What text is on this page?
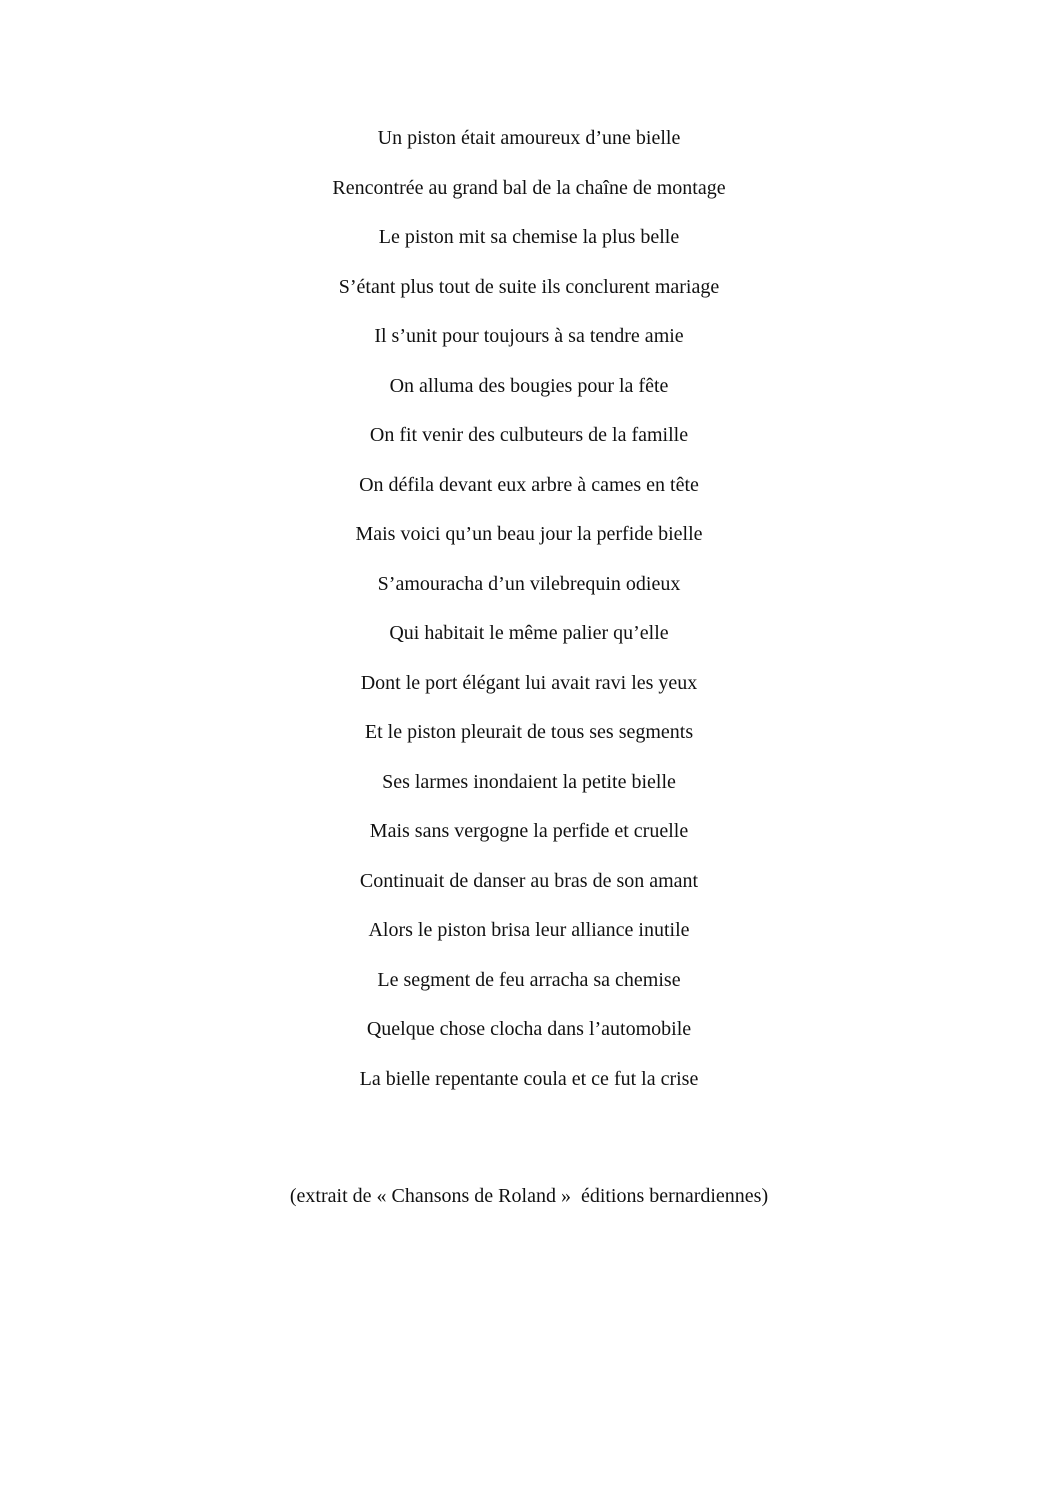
Un piston était amoureux d’une bielle
Rencontrée au grand bal de la chaîne de montage
Le piston mit sa chemise la plus belle
S’étant plus tout de suite ils conclurent mariage
Il s’unit pour toujours à sa tendre amie
On alluma des bougies pour la fête
On fit venir des culbuteurs de la famille
On défila devant eux arbre à cames en tête
Mais voici qu’un beau jour la perfide bielle
S’amouracha d’un vilebrequin odieux
Qui habitait le même palier qu’elle
Dont le port élégant lui avait ravi les yeux
Et le piston pleurait de tous ses segments
Ses larmes inondaient la petite bielle
Mais sans vergogne la perfide et cruelle
Continuait de danser au bras de son amant
Alors le piston brisa leur alliance inutile
Le segment de feu arracha sa chemise
Quelque chose clocha dans l’automobile
La bielle repentante coula et ce fut la crise

(extrait de « Chansons de Roland »  éditions bernardiennes)
